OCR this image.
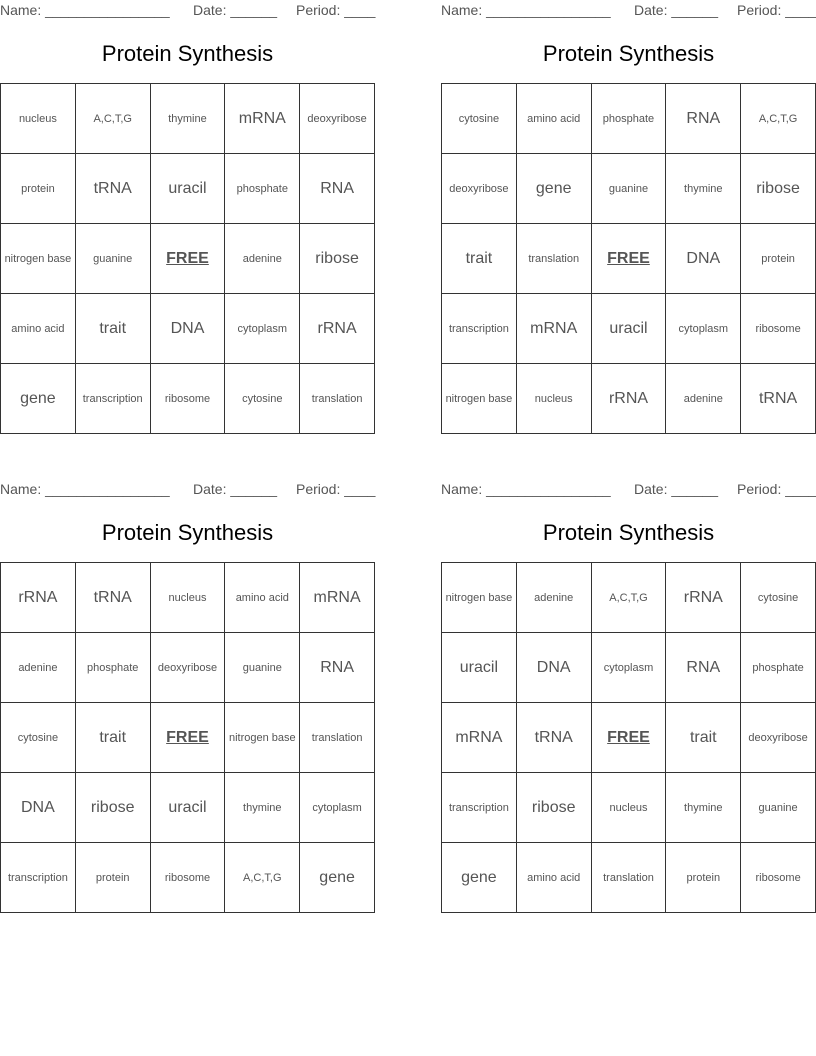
Name: ________________ Date: ______ Period: ____
Protein Synthesis
nucleus	A,C,T,G	thymine	mRNA	deoxyribose
protein	tRNA	uracil	phosphate	RNA
nitrogen base	guanine	FREE	adenine	ribose
amino acid	trait	DNA	cytoplasm	rRNA
gene	transcription	ribosome	cytosine	translation
Name: ________________ Date: ______ Period: ____
Protein Synthesis
cytosine	amino acid	phosphate	RNA	A,C,T,G
deoxyribose	gene	guanine	thymine	ribose
trait	translation	FREE	DNA	protein
transcription	mRNA	uracil	cytoplasm	ribosome
nitrogen base	nucleus	rRNA	adenine	tRNA
Name: ________________ Date: ______ Period: ____
Protein Synthesis
rRNA	tRNA	nucleus	amino acid	mRNA
adenine	phosphate	deoxyribose	guanine	RNA
cytosine	trait	FREE	nitrogen base	translation
DNA	ribose	uracil	thymine	cytoplasm
transcription	protein	ribosome	A,C,T,G	gene
Name: ________________ Date: ______ Period: ____
Protein Synthesis
nitrogen base	adenine	A,C,T,G	rRNA	cytosine
uracil	DNA	cytoplasm	RNA	phosphate
mRNA	tRNA	FREE	trait	deoxyribose
transcription	ribose	nucleus	thymine	guanine
gene	amino acid	translation	protein	ribosome
